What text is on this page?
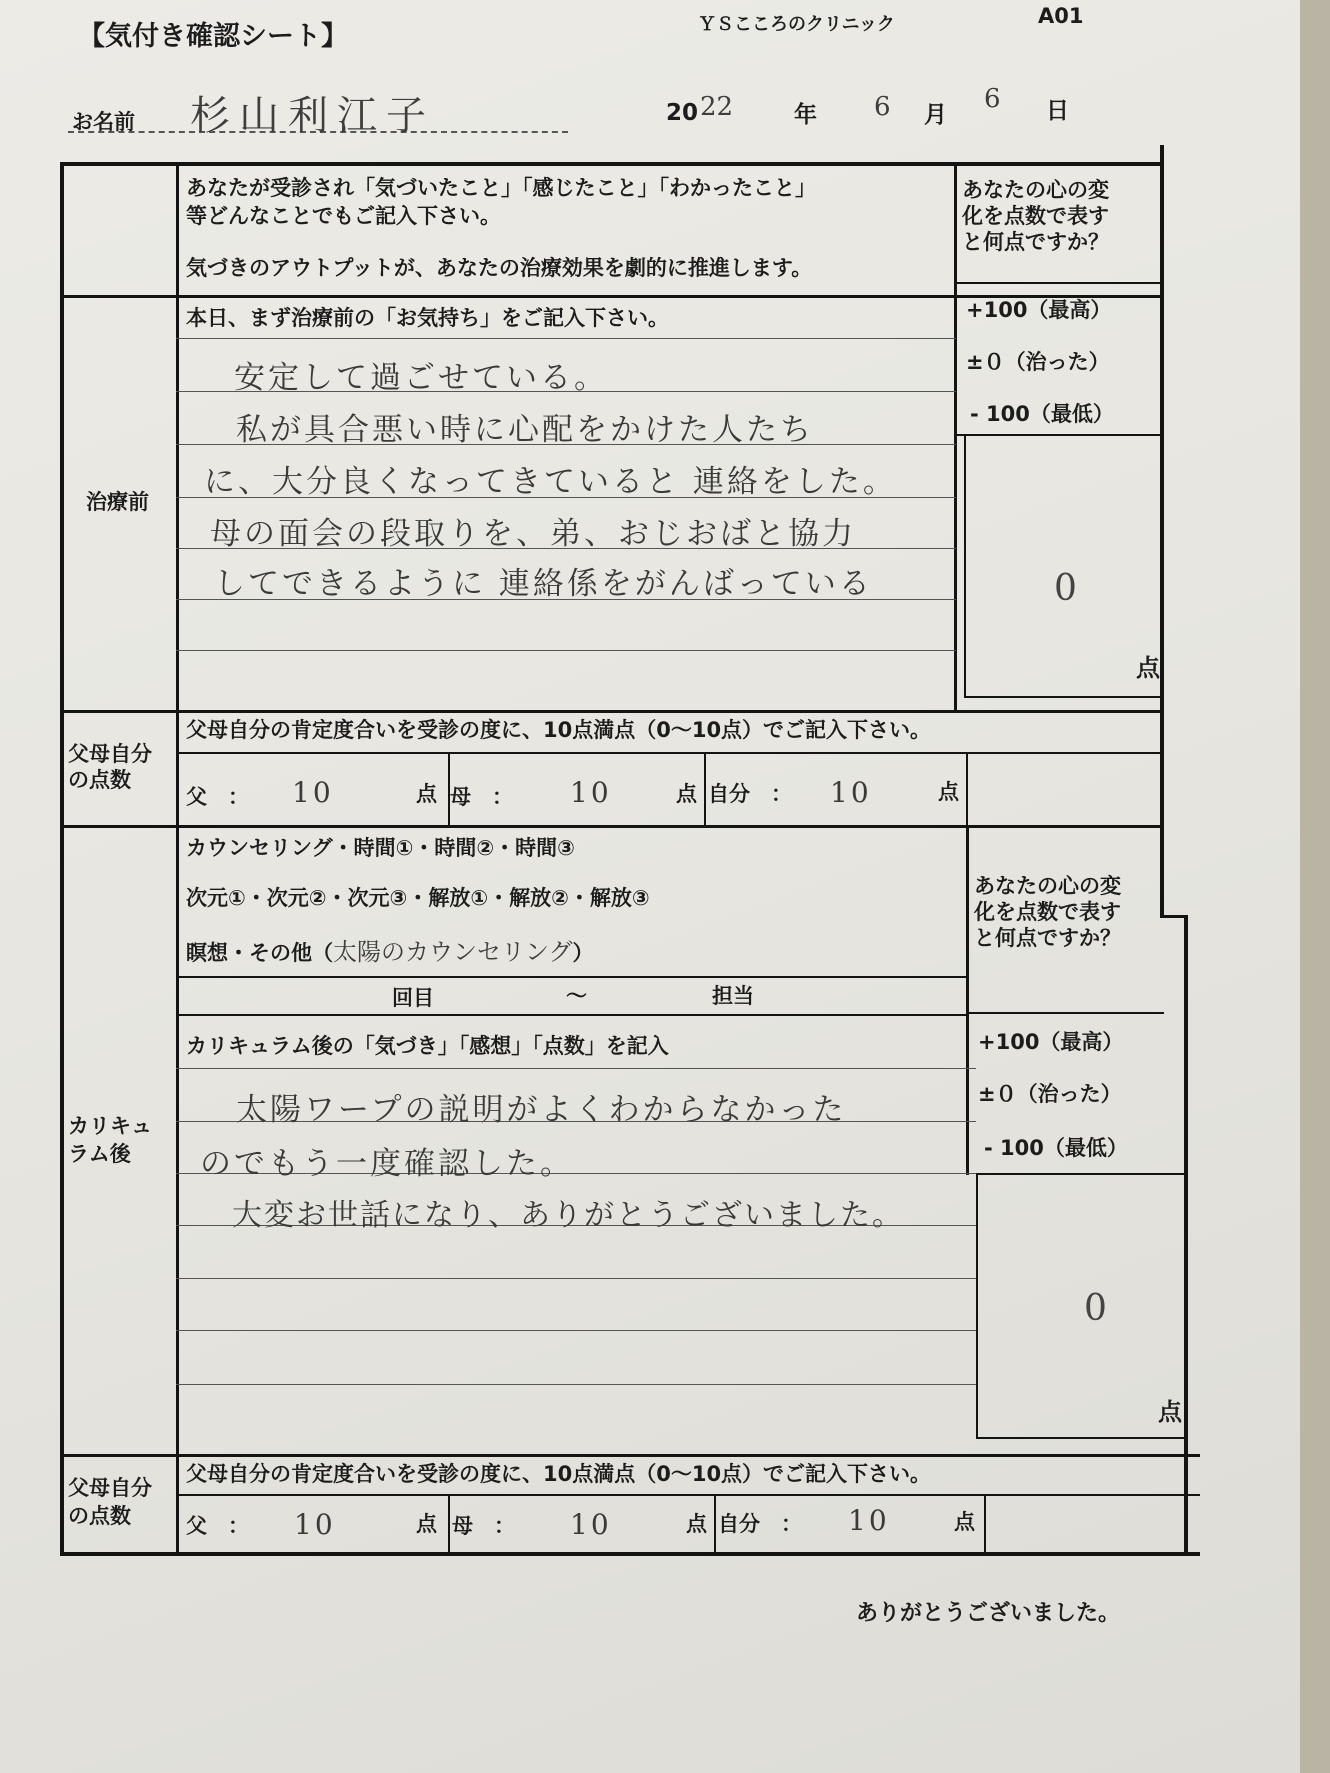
【気付き確認シート】	ＹＳこころのクリニック	A01
お名前 杉山利江子	20 22	年 6 月
6 日
あなたが受診され「気づいたこと」「感じたこと」「わかったこと」
等どんなことでもご記入下さい。
気づきのアウトプットが、あなたの治療効果を劇的に推進します。
あなたの心の変
化を点数で表す
と何点ですか？
治療前
本日、まず治療前の「お気持ち」をご記入下さい。	+100（最高）
±０（治った）
- 100（最低）
安定して過ごせている。
私が具合悪い時に心配をかけた人たち
に、大分良くなってきていると 連絡をした。
母の面会の段取りを、弟、おじおばと協力
してできるように 連絡係をがんばっている	0
点
父母自分
の点数
父母自分の肯定度合いを受診の度に、10点満点（0〜10点）でご記入下さい。
父　： 10	点 母　： 10	点 自分　： 10	点
カリキュ
ラム後
カウンセリング・時間①・時間②・時間③
次元①・次元②・次元③・解放①・解放②・解放③
瞑想・その他（太陽のカウンセリング）
回目	〜	担当
カリキュラム後の「気づき」「感想」「点数」を記入
あなたの心の変
化を点数で表す
と何点ですか？
+100（最高）
±０（治った）
- 100（最低）
太陽ワープの説明がよくわからなかった
のでもう一度確認した。
大変お世話になり、ありがとうございました。
0
点
父母自分
の点数
父母自分の肯定度合いを受診の度に、10点満点（0〜10点）でご記入下さい。
父　： 10	点 母　： 10	点 自分　： 10	点
ありがとうございました。
